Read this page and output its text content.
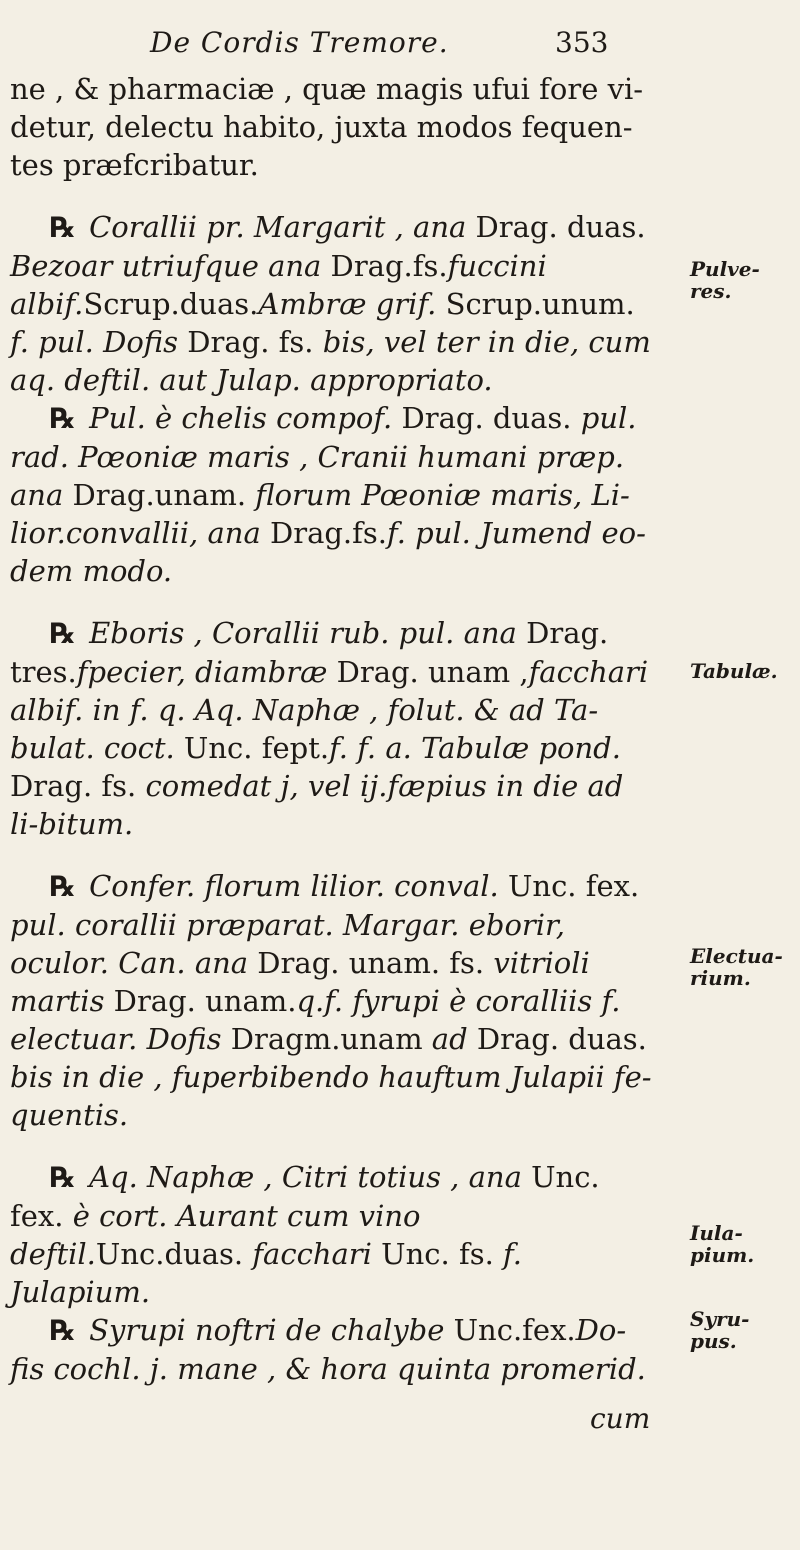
De Cordis Tremore.	353

ne , & pharmaciæ , quæ magis ufui fore vi-detur, delectu habito, juxta modos fequen-tes præfcribatur.

℞ Corallii pr. Margarit , ana Drag. duas. Bezoar utriufque ana Drag.fs.fuccini albif.Scrup.duas.Ambræ grif. Scrup.unum. f. pul. Dofis Drag. fs. bis, vel ter in die, cum aq. deftil. aut Julap. appropriato.

℞ Pul. è chelis compof. Drag. duas. pul. rad. Pœoniæ maris , Cranii humani præp. ana Drag.unam. florum Pœoniæ maris, Li-lior.convallii, ana Drag.fs.f. pul. Jumend eo-dem modo.

℞ Eboris , Corallii rub. pul. ana Drag. tres.fpecier, diambræ Drag. unam ,facchari albif. in f. q. Aq. Naphæ , folut. & ad Ta-bulat. coct. Unc. fept.f. f. a. Tabulæ pond. Drag. fs. comedat j, vel ij.fæpius in die ad li-bitum.

℞ Confer. florum lilior. conval. Unc. fex. pul. corallii præparat. Margar. eborir, oculor. Can. ana Drag. unam. fs. vitrioli martis Drag. unam.q.f. fyrupi è coralliis f. electuar. Dofis Dragm.unam ad Drag. duas. bis in die , fuperbibendo hauftum Julapii fe-quentis.

℞ Aq. Naphæ , Citri totius , ana Unc. fex. è cort. Aurant cum vino deftil.Unc.duas. facchari Unc. fs. f. Julapium.

℞ Syrupi noftri de chalybe Unc.fex.Do-fis cochl. j. mane , & hora quinta promerid.

Pulve-res.
Tabulæ.
Electua-rium.
Iula-pium.
Syru-pus.
cum
